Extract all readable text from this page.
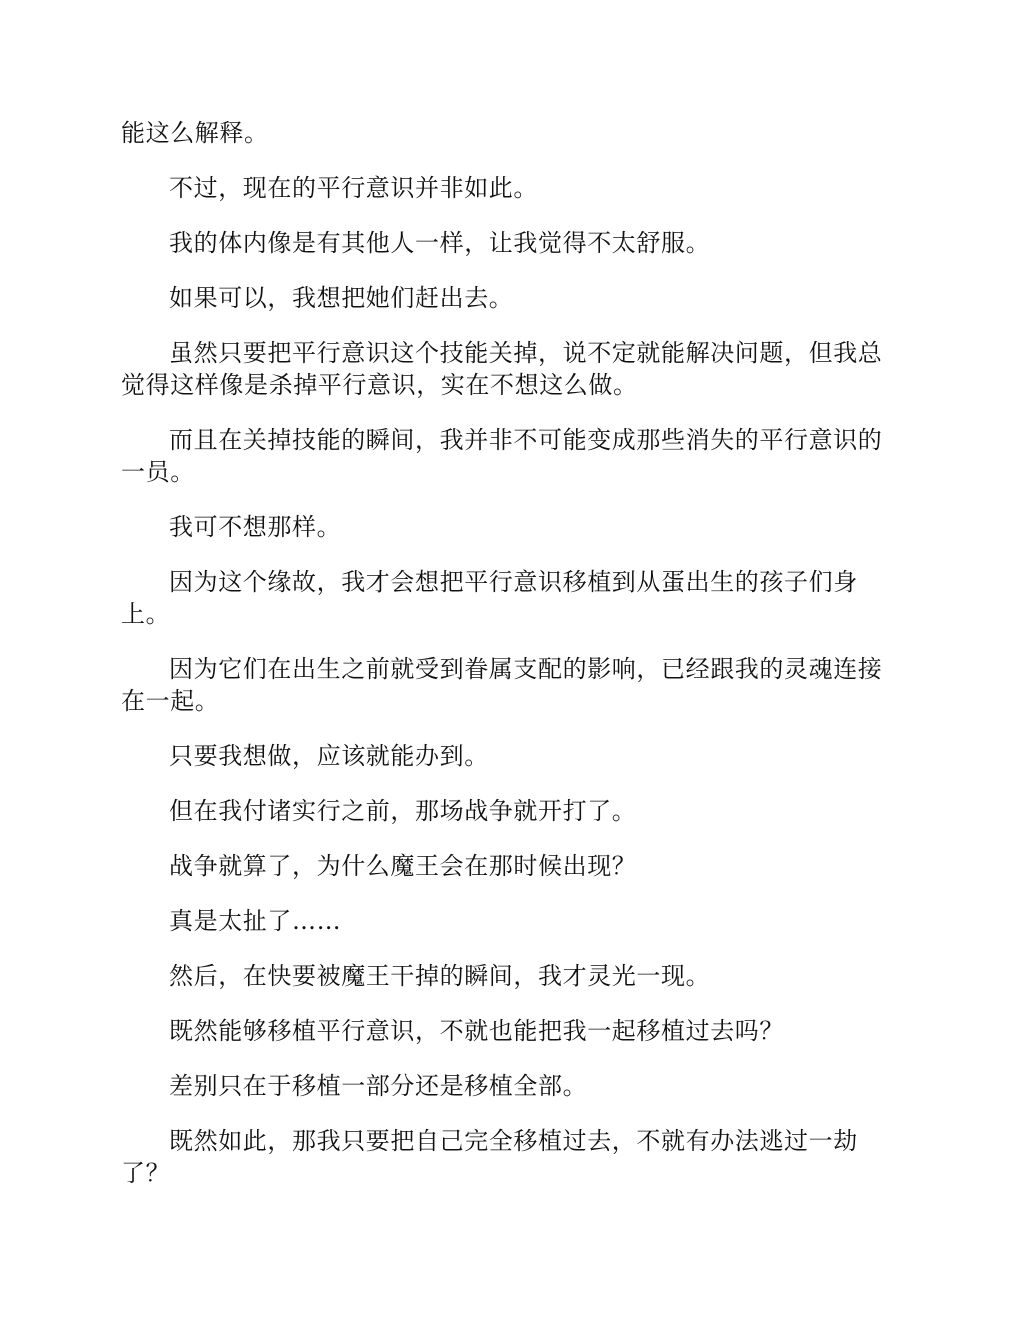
能这么解释。

不过，现在的平行意识并非如此。

我的体内像是有其他人一样，让我觉得不太舒服。

如果可以，我想把她们赶出去。

虽然只要把平行意识这个技能关掉，说不定就能解决问题，但我总觉得这样像是杀掉平行意识，实在不想这么做。

而且在关掉技能的瞬间，我并非不可能变成那些消失的平行意识的一员。

我可不想那样。

因为这个缘故，我才会想把平行意识移植到从蛋出生的孩子们身上。

因为它们在出生之前就受到眷属支配的影响，已经跟我的灵魂连接在一起。

只要我想做，应该就能办到。

但在我付诸实行之前，那场战争就开打了。

战争就算了，为什么魔王会在那时候出现？

真是太扯了……

然后，在快要被魔王干掉的瞬间，我才灵光一现。

既然能够移植平行意识，不就也能把我一起移植过去吗？

差别只在于移植一部分还是移植全部。

既然如此，那我只要把自己完全移植过去，不就有办法逃过一劫了？
